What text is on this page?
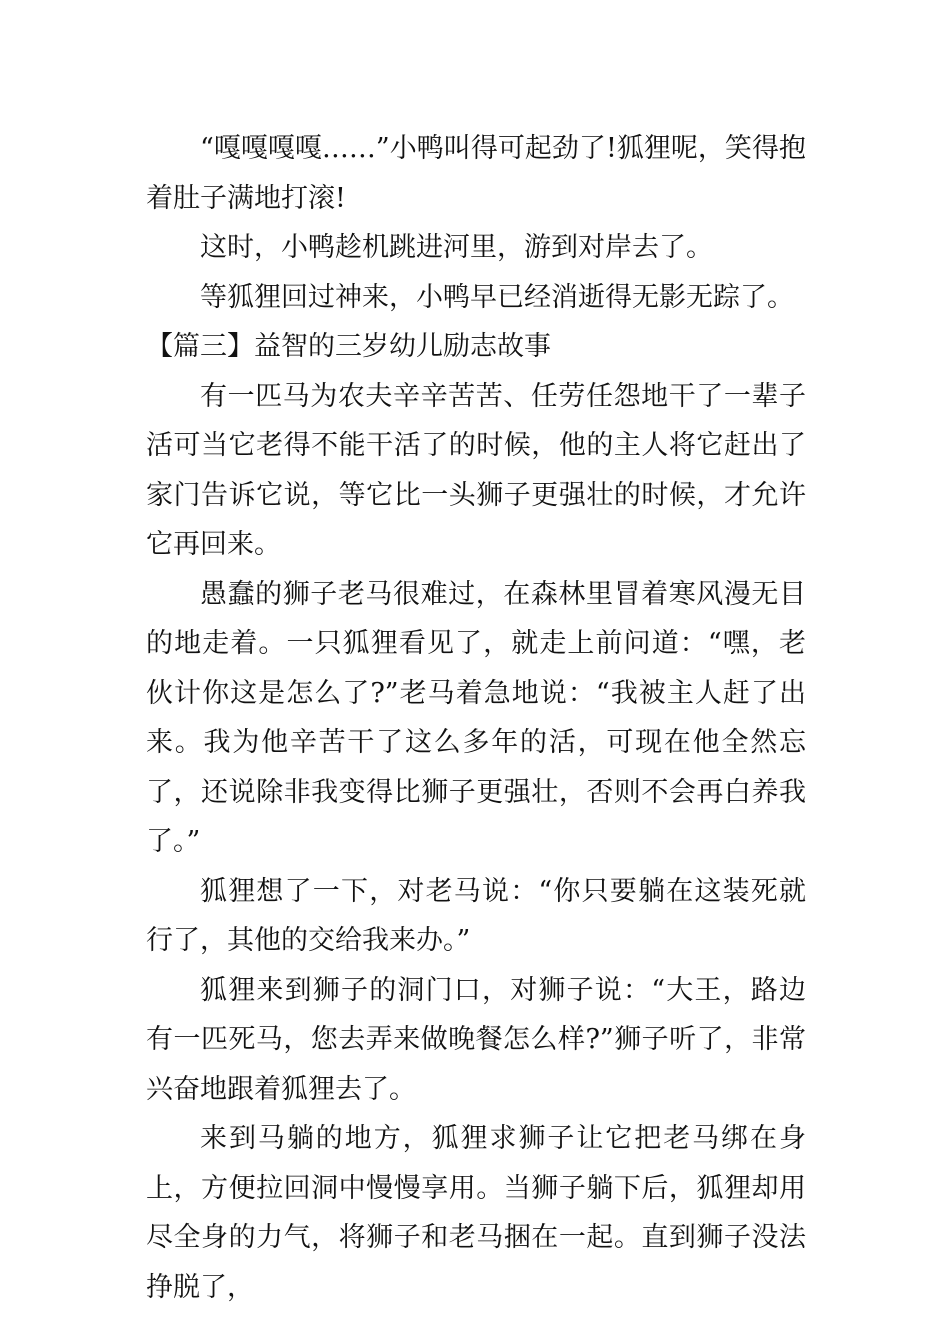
“嘎嘎嘎嘎……”小鸭叫得可起劲了!狐狸呢，笑得抱着肚子满地打滚!

这时，小鸭趁机跳进河里，游到对岸去了。

等狐狸回过神来，小鸭早已经消逝得无影无踪了。

【篇三】益智的三岁幼儿励志故事

有一匹马为农夫辛辛苦苦、任劳任怨地干了一辈子活可当它老得不能干活了的时候，他的主人将它赶出了家门告诉它说，等它比一头狮子更强壮的时候，才允许它再回来。

愚蠢的狮子老马很难过，在森林里冒着寒风漫无目的地走着。一只狐狸看见了，就走上前问道：“嘿，老伙计你这是怎么了?”老马着急地说：“我被主人赶了出来。我为他辛苦干了这么多年的活，可现在他全然忘了，还说除非我变得比狮子更强壮，否则不会再白养我了。”

狐狸想了一下，对老马说：“你只要躺在这装死就行了，其他的交给我来办。”

狐狸来到狮子的洞门口，对狮子说：“大王，路边有一匹死马，您去弄来做晚餐怎么样?”狮子听了，非常兴奋地跟着狐狸去了。

来到马躺的地方，狐狸求狮子让它把老马绑在身上，方便拉回洞中慢慢享用。当狮子躺下后，狐狸却用尽全身的力气，将狮子和老马捆在一起。直到狮子没法挣脱了，
